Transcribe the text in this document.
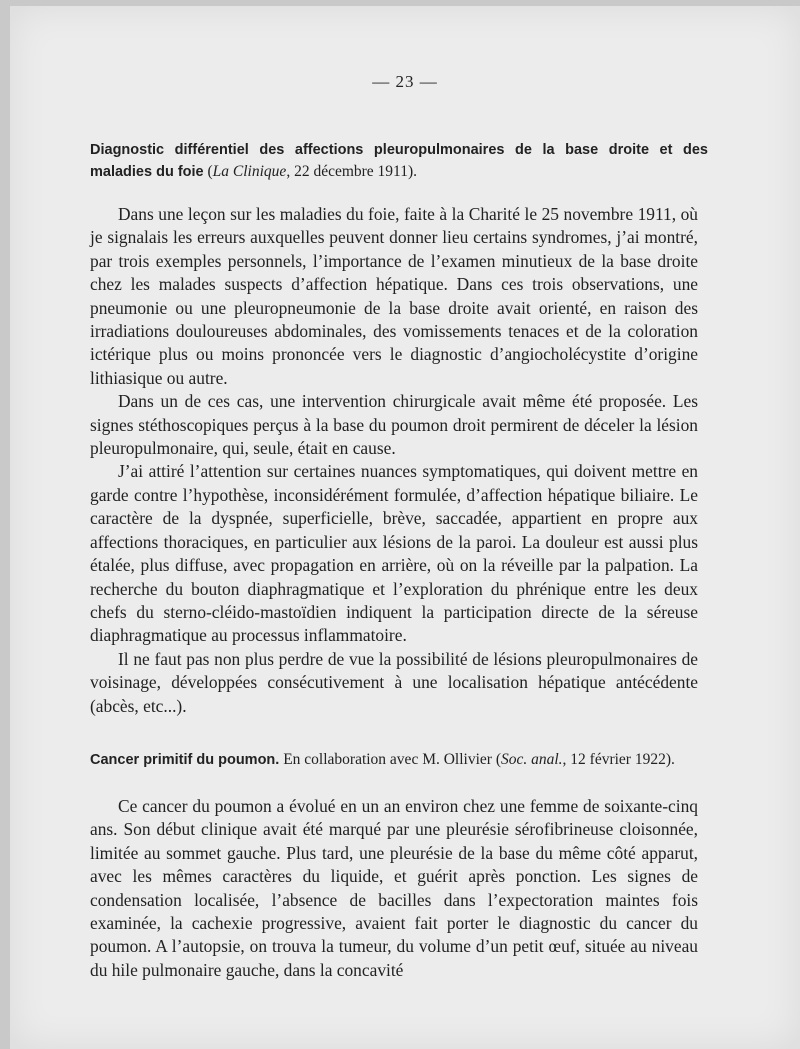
— 23 —
Diagnostic différentiel des affections pleuropulmonaires de la base droite et des maladies du foie (La Clinique, 22 décembre 1911).

Dans une leçon sur les maladies du foie, faite à la Charité le 25 novembre 1911, où je signalais les erreurs auxquelles peuvent donner lieu certains syndromes, j’ai montré, par trois exemples personnels, l’importance de l’examen minutieux de la base droite chez les malades suspects d’affection hépatique. Dans ces trois observations, une pneumonie ou une pleuropneumonie de la base droite avait orienté, en raison des irradiations douloureuses abdominales, des vomissements tenaces et de la coloration ictérique plus ou moins prononcée vers le diagnostic d’angiocholécystite d’origine lithiasique ou autre.

Dans un de ces cas, une intervention chirurgicale avait même été proposée. Les signes stéthoscopiques perçus à la base du poumon droit permirent de déceler la lésion pleuropulmonaire, qui, seule, était en cause.

J’ai attiré l’attention sur certaines nuances symptomatiques, qui doivent mettre en garde contre l’hypothèse, inconsidérément formulée, d’affection hépatique biliaire. Le caractère de la dyspnée, superficielle, brève, saccadée, appartient en propre aux affections thoraciques, en particulier aux lésions de la paroi. La douleur est aussi plus étalée, plus diffuse, avec propagation en arrière, où on la réveille par la palpation. La recherche du bouton diaphragmatique et l’exploration du phrénique entre les deux chefs du sterno-cléido-mastoïdien indiquent la participation directe de la séreuse diaphragmatique au processus inflammatoire.

Il ne faut pas non plus perdre de vue la possibilité de lésions pleuropulmonaires de voisinage, développées consécutivement à une localisation hépatique antécédente (abcès, etc...).

Cancer primitif du poumon. En collaboration avec M. Ollivier (Soc. anal., 12 février 1922).

Ce cancer du poumon a évolué en un an environ chez une femme de soixante-cinq ans. Son début clinique avait été marqué par une pleurésie sérofibrineuse cloisonnée, limitée au sommet gauche. Plus tard, une pleurésie de la base du même côté apparut, avec les mêmes caractères du liquide, et guérit après ponction. Les signes de condensation localisée, l’absence de bacilles dans l’expectoration maintes fois examinée, la cachexie progressive, avaient fait porter le diagnostic du cancer du poumon. A l’autopsie, on trouva la tumeur, du volume d’un petit œuf, située au niveau du hile pulmonaire gauche, dans la concavité
